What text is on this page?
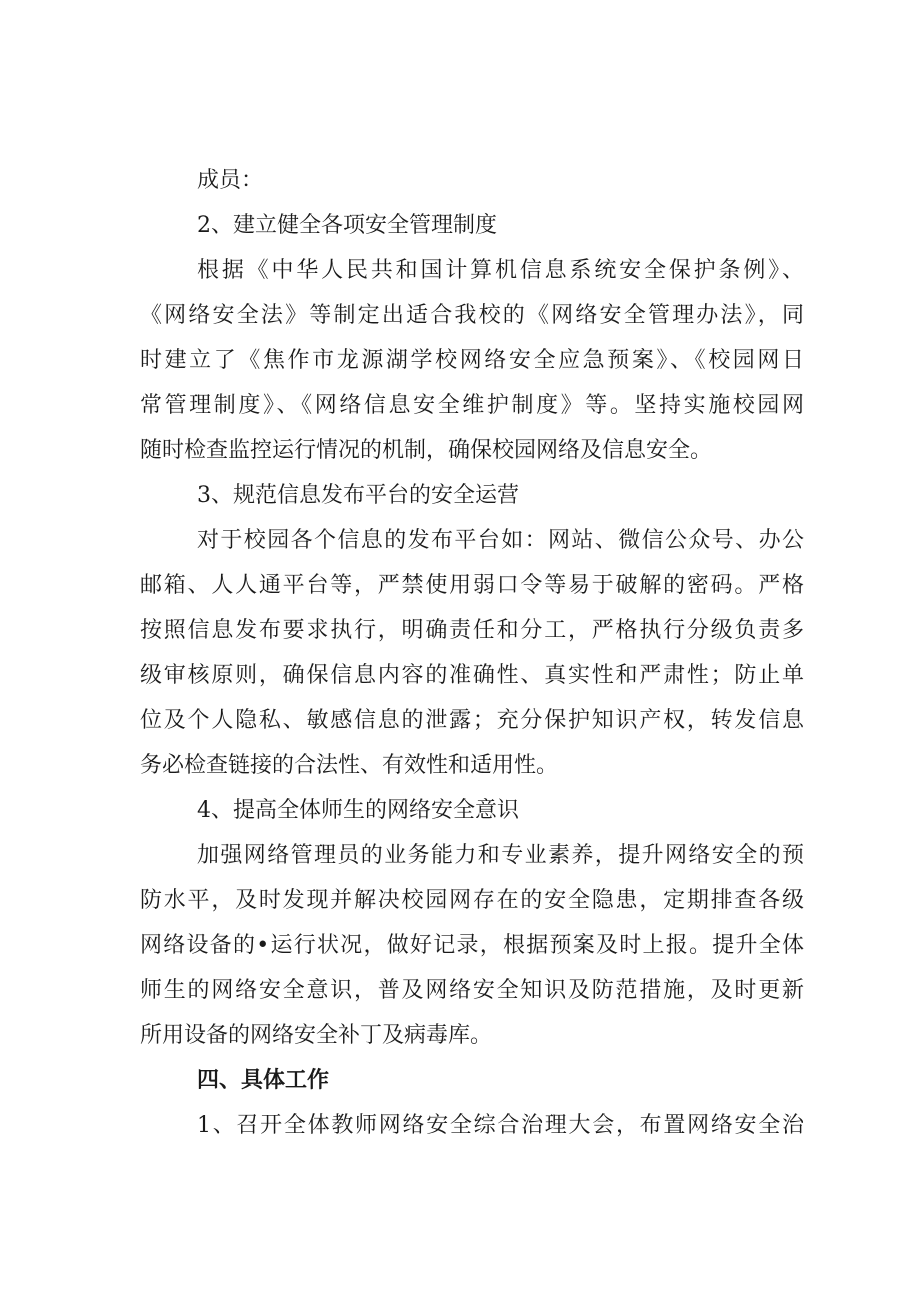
成员：
2、建立健全各项安全管理制度
根据《中华人民共和国计算机信息系统安全保护条例》、
《网络安全法》等制定出适合我校的《网络安全管理办法》，同
时建立了《焦作市龙源湖学校网络安全应急预案》、《校园网日
常管理制度》、《网络信息安全维护制度》等。坚持实施校园网
随时检查监控运行情况的机制，确保校园网络及信息安全。
3、规范信息发布平台的安全运营
对于校园各个信息的发布平台如：网站、微信公众号、办公
邮箱、人人通平台等，严禁使用弱口令等易于破解的密码。严格
按照信息发布要求执行，明确责任和分工，严格执行分级负责多
级审核原则，确保信息内容的准确性、真实性和严肃性；防止单
位及个人隐私、敏感信息的泄露；充分保护知识产权，转发信息
务必检查链接的合法性、有效性和适用性。
4、提高全体师生的网络安全意识
加强网络管理员的业务能力和专业素养，提升网络安全的预
防水平，及时发现并解决校园网存在的安全隐患，定期排查各级
网络设备的•运行状况，做好记录，根据预案及时上报。提升全体
师生的网络安全意识，普及网络安全知识及防范措施，及时更新
所用设备的网络安全补丁及病毒库。
四、具体工作
1、召开全体教师网络安全综合治理大会，布置网络安全治
